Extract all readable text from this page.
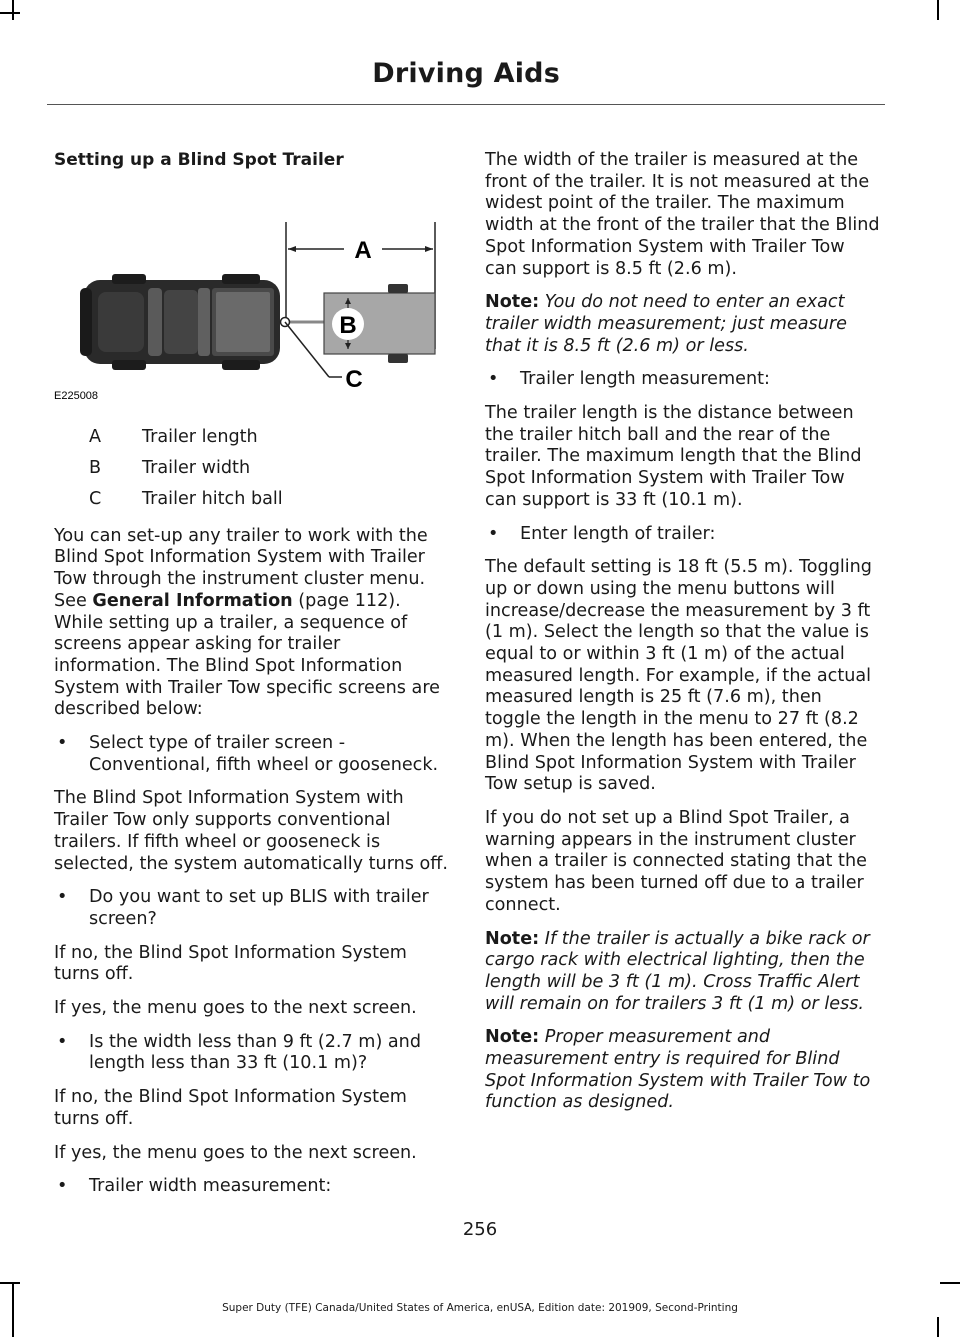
Driving Aids
Setting up a Blind Spot Trailer
A
C
B
E225008
A	Trailer length
B	Trailer width
C	Trailer hitch ball

You can set-up any trailer to work with the Blind Spot Information System with Trailer Tow through the instrument cluster menu. See General Information (page 112). While setting up a trailer, a sequence of screens appear asking for trailer information. The Blind Spot Information System with Trailer Tow specific screens are described below:

•	Select type of trailer screen - Conventional, fifth wheel or gooseneck.

The Blind Spot Information System with Trailer Tow only supports conventional trailers. If fifth wheel or gooseneck is selected, the system automatically turns off.

•	Do you want to set up BLIS with trailer screen?

If no, the Blind Spot Information System turns off.

If yes, the menu goes to the next screen.

•	Is the width less than 9 ft (2.7 m) and length less than 33 ft (10.1 m)?

If no, the Blind Spot Information System turns off.

If yes, the menu goes to the next screen.

•	Trailer width measurement:

The width of the trailer is measured at the front of the trailer. It is not measured at the widest point of the trailer. The maximum width at the front of the trailer that the Blind Spot Information System with Trailer Tow can support is 8.5 ft (2.6 m).

Note: You do not need to enter an exact trailer width measurement; just measure that it is 8.5 ft (2.6 m) or less.

•	Trailer length measurement:

The trailer length is the distance between the trailer hitch ball and the rear of the trailer. The maximum length that the Blind Spot Information System with Trailer Tow can support is 33 ft (10.1 m).

•	Enter length of trailer:

The default setting is 18 ft (5.5 m). Toggling up or down using the menu buttons will increase/decrease the measurement by 3 ft (1 m). Select the length so that the value is equal to or within 3 ft (1 m) of the actual measured length. For example, if the actual measured length is 25 ft (7.6 m), then toggle the length in the menu to 27 ft (8.2 m). When the length has been entered, the Blind Spot Information System with Trailer Tow setup is saved.

If you do not set up a Blind Spot Trailer, a warning appears in the instrument cluster when a trailer is connected stating that the system has been turned off due to a trailer connect.

Note: If the trailer is actually a bike rack or cargo rack with electrical lighting, then the length will be 3 ft (1 m). Cross Traffic Alert will remain on for trailers 3 ft (1 m) or less.

Note: Proper measurement and measurement entry is required for Blind Spot Information System with Trailer Tow to function as designed.

256
Super Duty (TFE) Canada/United States of America, enUSA, Edition date: 201909, Second-Printing
